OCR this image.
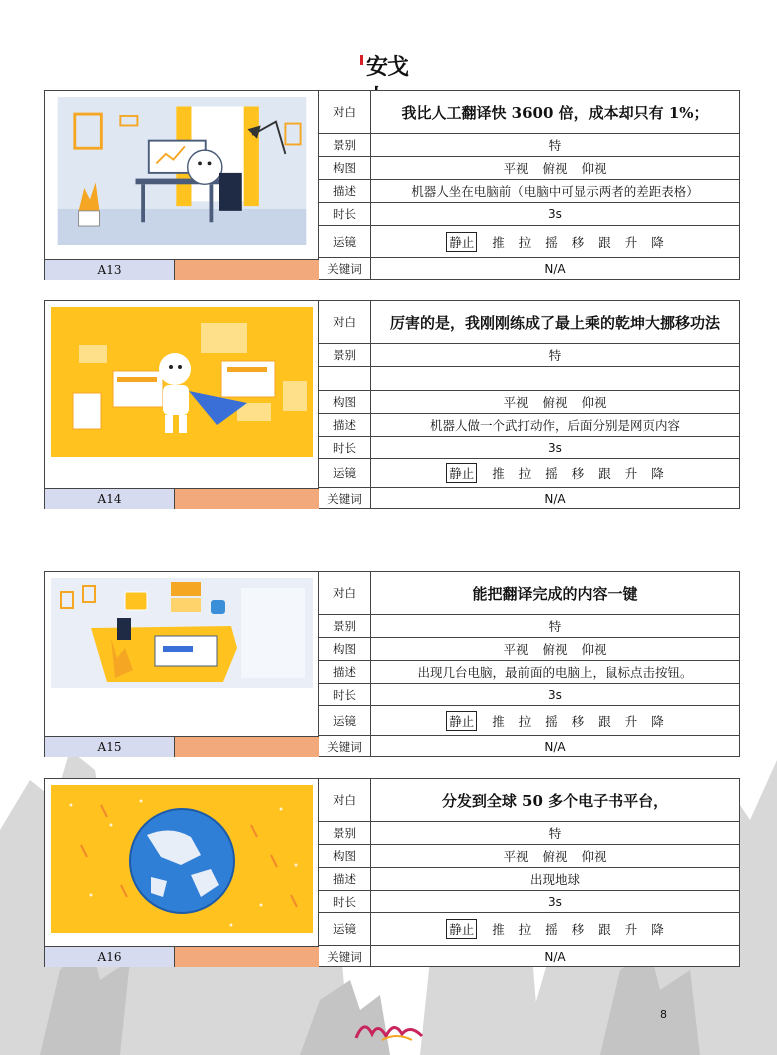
安戈
A13
对白	我比人工翻译快 3600 倍，成本却只有 1%；
景别	特
构图	平视 俯视 仰视
描述	机器人坐在电脑前（电脑中可显示两者的差距表格）
时长	3s
运镜	静止 推 拉 摇 移 跟 升 降
关键词	N/A
A14
对白	厉害的是，我刚刚练成了最上乘的乾坤大挪移功法
景别	特
构图	平视 俯视 仰视
描述	机器人做一个武打动作，后面分别是网页内容
时长	3s
运镜	静止 推 拉 摇 移 跟 升 降
关键词	N/A
A15
对白	能把翻译完成的内容一键
景别	特
构图	平视 俯视 仰视
描述	出现几台电脑，最前面的电脑上，鼠标点击按钮。
时长	3s
运镜	静止 推 拉 摇 移 跟 升 降
关键词	N/A
A16
对白	分发到全球 50 多个电子书平台，
景别	特
构图	平视 俯视 仰视
描述	出现地球
时长	3s
运镜	静止 推 拉 摇 移 跟 升 降
关键词	N/A
8
